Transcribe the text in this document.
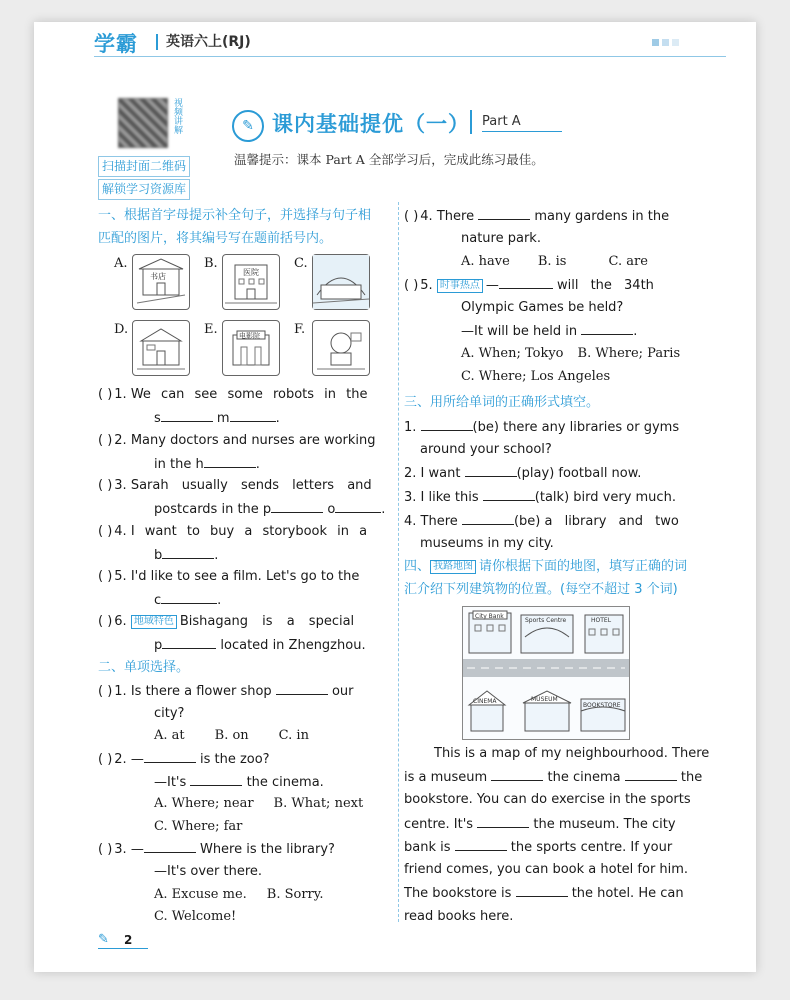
学霸 英语六上(RJ)
视频讲解
扫描封面二维码
解锁学习资源库
✎ 课内基础提优（一） Part A
温馨提示：课本 Part A 全部学习后，完成此练习最佳。
一、根据首字母提示补全句子，并选择与句子相
匹配的图片，将其编号写在题前括号内。
A.
书店
B.
医院
C.
D.	E.	电影院	F.
( ) 1. We can see some robots in the
s	m	.
( ) 2. Many doctors and nurses are working
in the h	.
( ) 3. Sarah usually sends letters and
postcards in the p	o	.
( ) 4. I want to buy a storybook in a
b	.
( ) 5. I'd like to see a film. Let's go to the
c	.
( ) 6. 地域特色 Bishagang is a special
p	located in Zhengzhou.
二、单项选择。
( ) 1. Is there a flower shop	our
city?
A. at B. on C. in
( ) 2. —	is the zoo?
—It's	the cinema.
A. Where; near B. What; next
C. Where; far
( ) 3. —	Where is the library?
—It's over there.
A. Excuse me. B. Sorry.
C. Welcome!
( ) 4. There	many gardens in the
nature park.
A. have B. is	C. are
( ) 5. 时事热点 —	will the 34th
Olympic Games be held?
—It will be held in	.
A. When; Tokyo B. Where; Paris
C. Where; Los Angeles
三、用所给单词的正确形式填空。
1.	(be) there any libraries or gyms
around your school?
2. I want	(play) football now.
3. I like this	(talk) bird very much.
4. There	(be) a library and two
museums in my city.
四、 我路地图 请你根据下面的地图，填写正确的词
汇介绍下列建筑物的位置。(每空不超过 3 个词)
City Bank
Sports Centre	HOTEL
CINEMA	MUSEUM
BOOKSTORE
This is a map of my neighbourhood. There
is a museum	the cinema	the
bookstore. You can do exercise in the sports
centre. It's	the museum. The city
bank is	the sports centre. If your
friend comes, you can book a hotel for him.
The bookstore is	the hotel. He can
read books here.
✎ 2
